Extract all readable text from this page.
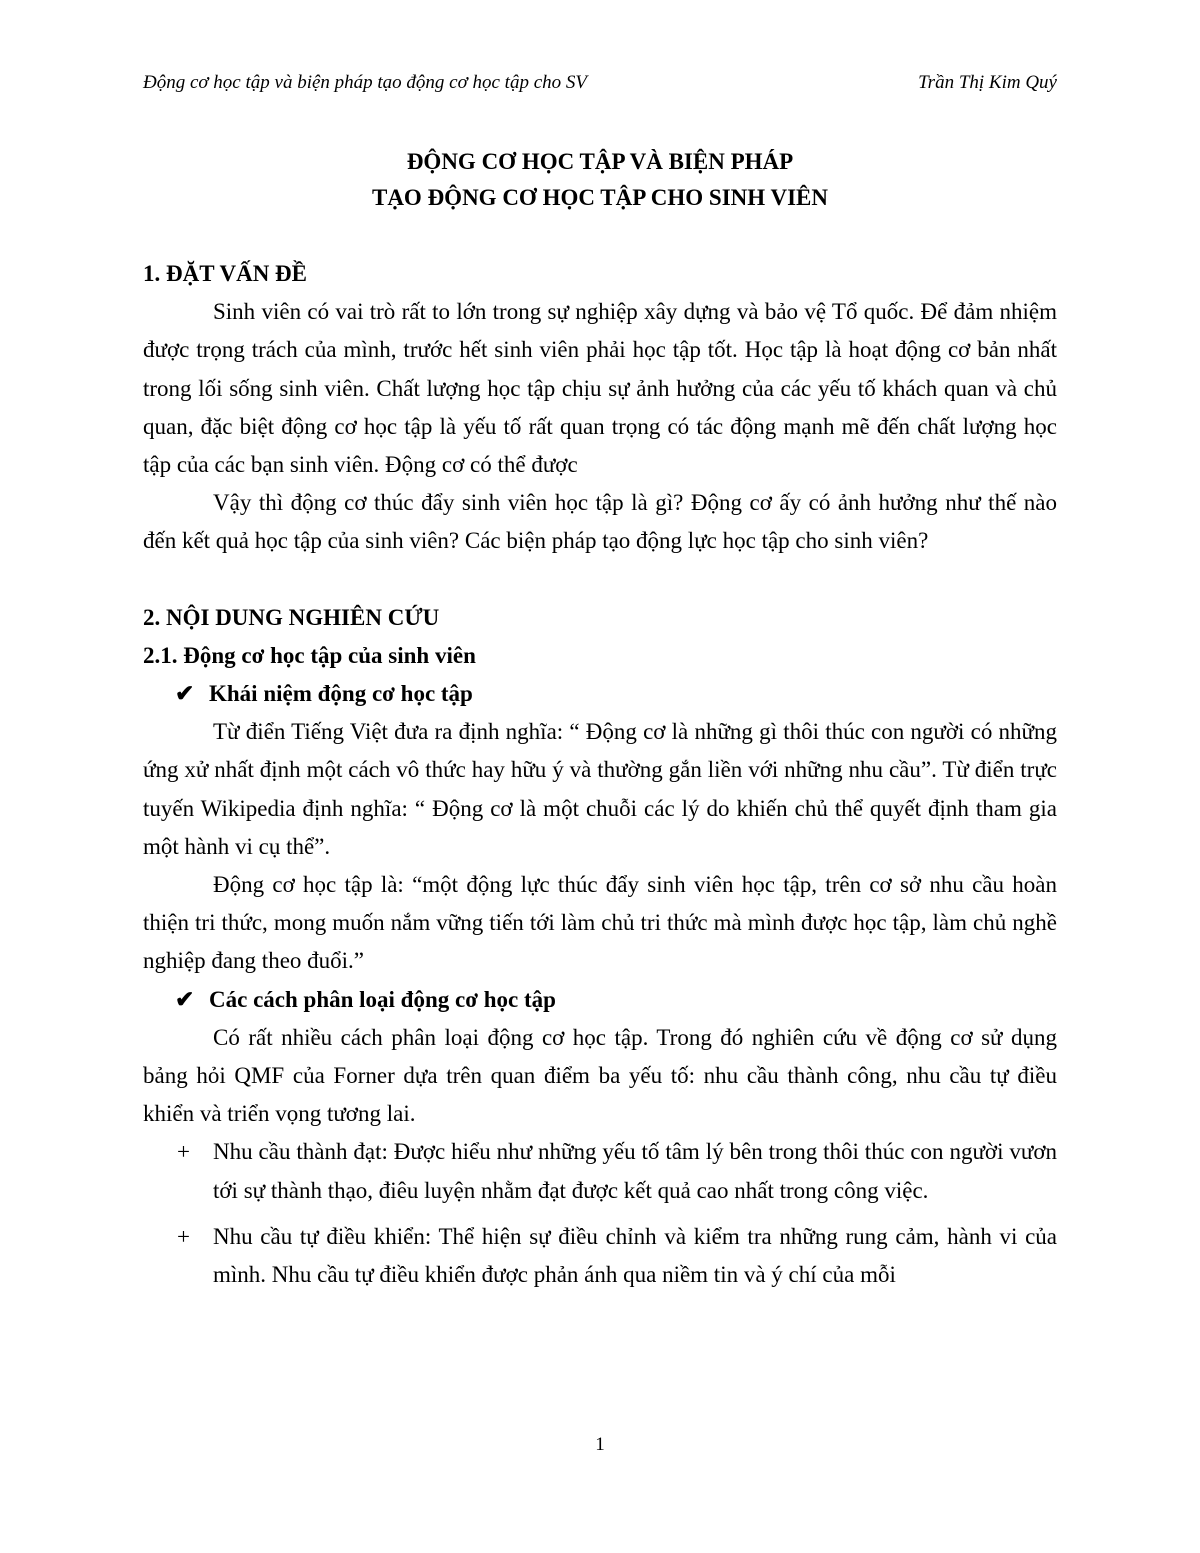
Động cơ học tập và biện pháp tạo động cơ học tập cho SV	Trần Thị Kim Quý
ĐỘNG CƠ HỌC TẬP VÀ BIỆN PHÁP
TẠO ĐỘNG CƠ HỌC TẬP CHO SINH VIÊN
1. ĐẶT VẤN ĐỀ

Sinh viên có vai trò rất to lớn trong sự nghiệp xây dựng và bảo vệ Tổ quốc. Để đảm nhiệm được trọng trách của mình, trước hết sinh viên phải học tập tốt. Học tập là hoạt động cơ bản nhất trong lối sống sinh viên. Chất lượng học tập chịu sự ảnh hưởng của các yếu tố khách quan và chủ quan, đặc biệt động cơ học tập là yếu tố rất quan trọng có tác động mạnh mẽ đến chất lượng học tập của các bạn sinh viên. Động cơ có thể được

Vậy thì động cơ thúc đẩy sinh viên học tập là gì? Động cơ ấy có ảnh hưởng như thế nào đến kết quả học tập của sinh viên? Các biện pháp tạo động lực học tập cho sinh viên?

2. NỘI DUNG NGHIÊN CỨU
2.1. Động cơ học tập của sinh viên
✔ Khái niệm động cơ học tập

Từ điển Tiếng Việt đưa ra định nghĩa: “ Động cơ là những gì thôi thúc con người có những ứng xử nhất định một cách vô thức hay hữu ý và thường gắn liền với những nhu cầu”. Từ điển trực tuyến Wikipedia định nghĩa: “ Động cơ là một chuỗi các lý do khiến chủ thể quyết định tham gia một hành vi cụ thể”.

Động cơ học tập là: “một động lực thúc đẩy sinh viên học tập, trên cơ sở nhu cầu hoàn thiện tri thức, mong muốn nắm vững tiến tới làm chủ tri thức mà mình được học tập, làm chủ nghề nghiệp đang theo đuổi.”

✔ Các cách phân loại động cơ học tập

Có rất nhiều cách phân loại động cơ học tập. Trong đó nghiên cứu về động cơ sử dụng bảng hỏi QMF của Forner dựa trên quan điểm ba yếu tố: nhu cầu thành công, nhu cầu tự điều khiển và triển vọng tương lai.

+ Nhu cầu thành đạt: Được hiểu như những yếu tố tâm lý bên trong thôi thúc con người vươn tới sự thành thạo, điêu luyện nhằm đạt được kết quả cao nhất trong công việc.
+ Nhu cầu tự điều khiển: Thể hiện sự điều chỉnh và kiểm tra những rung cảm, hành vi của mình. Nhu cầu tự điều khiển được phản ánh qua niềm tin và ý chí của mỗi
1
